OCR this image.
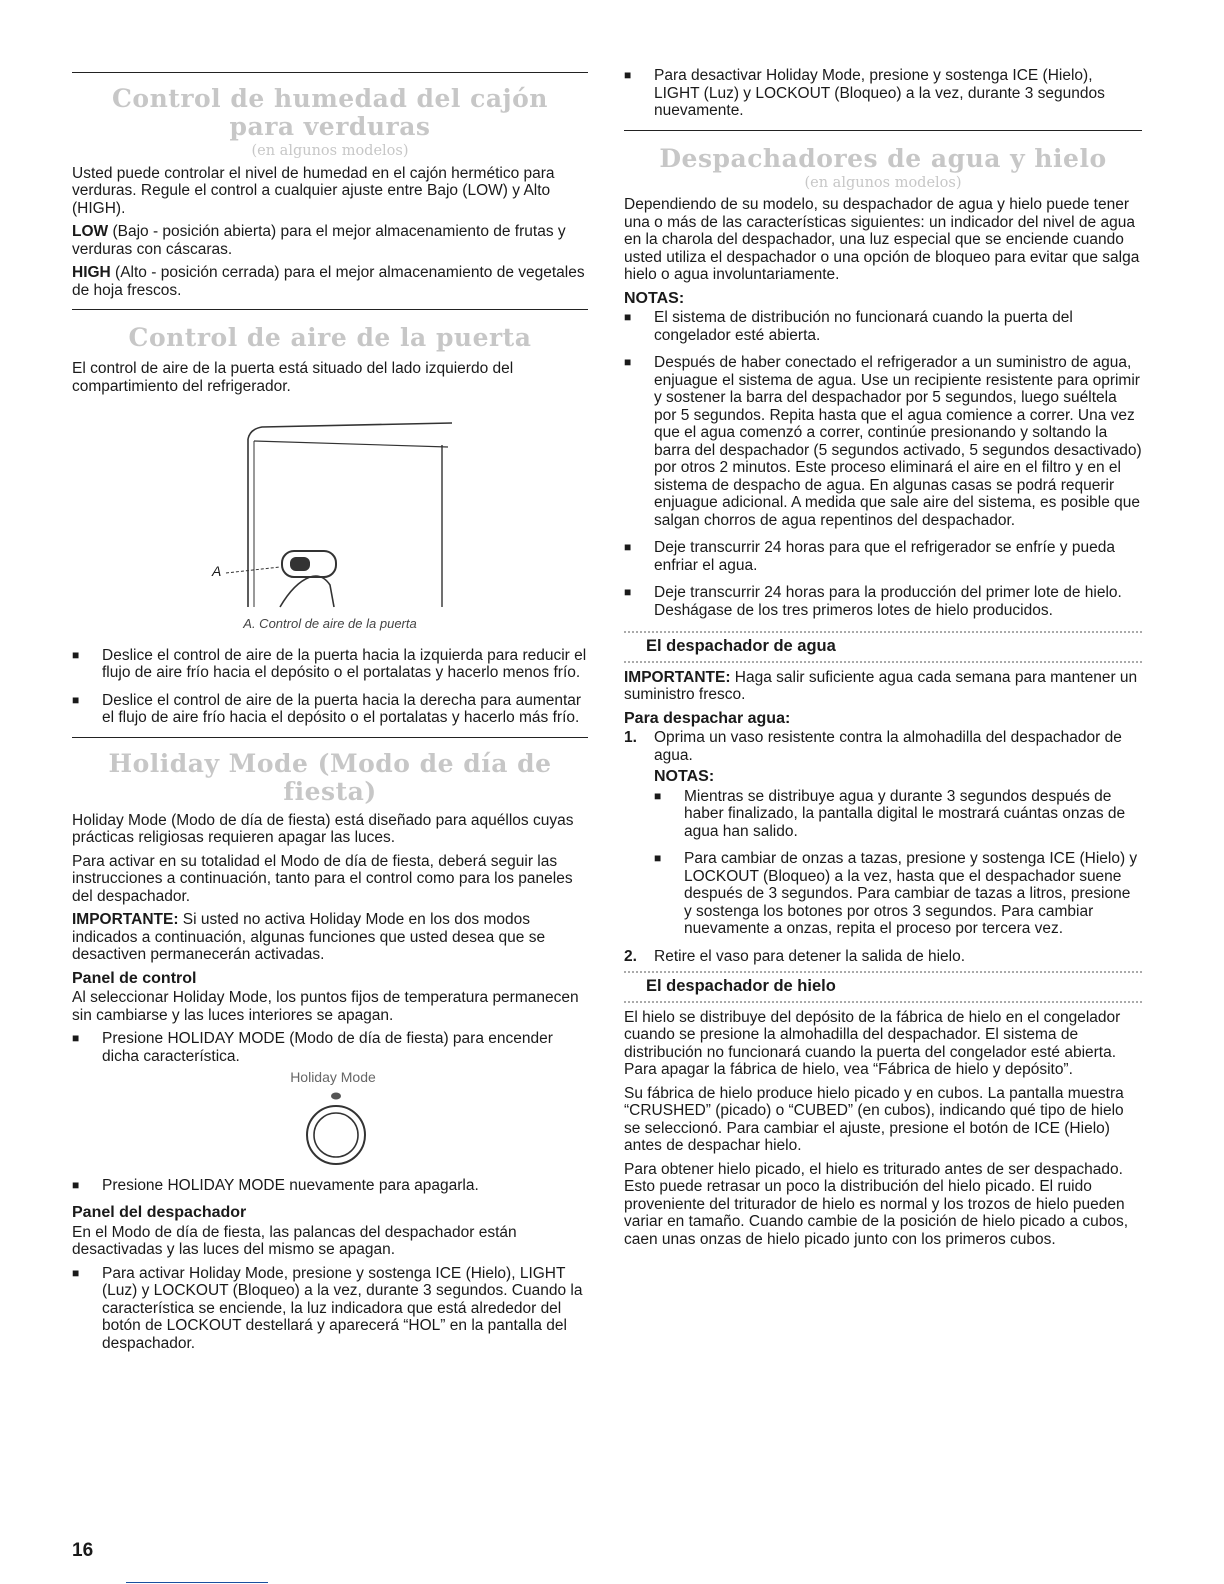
Control de humedad del cajón para verduras
(en algunos modelos)

Usted puede controlar el nivel de humedad en el cajón hermético para verduras. Regule el control a cualquier ajuste entre Bajo (LOW) y Alto (HIGH).

LOW (Bajo - posición abierta) para el mejor almacenamiento de frutas y verduras con cáscaras.

HIGH (Alto - posición cerrada) para el mejor almacenamiento de vegetales de hoja frescos.

Control de aire de la puerta

El control de aire de la puerta está situado del lado izquierdo del compartimiento del refrigerador.

A
A. Control de aire de la puerta
■ Deslice el control de aire de la puerta hacia la izquierda para reducir el flujo de aire frío hacia el depósito o el portalatas y hacerlo menos frío.
■ Deslice el control de aire de la puerta hacia la derecha para aumentar el flujo de aire frío hacia el depósito o el portalatas y hacerlo más frío.
Holiday Mode (Modo de día de fiesta)

Holiday Mode (Modo de día de fiesta) está diseñado para aquéllos cuyas prácticas religiosas requieren apagar las luces.

Para activar en su totalidad el Modo de día de fiesta, deberá seguir las instrucciones a continuación, tanto para el control como para los paneles del despachador.

IMPORTANTE: Si usted no activa Holiday Mode en los dos modos indicados a continuación, algunas funciones que usted desea que se desactiven permanecerán activadas.

Panel de control

Al seleccionar Holiday Mode, los puntos fijos de temperatura permanecen sin cambiarse y las luces interiores se apagan.

■ Presione HOLIDAY MODE (Modo de día de fiesta) para encender dicha característica.
Holiday Mode
■ Presione HOLIDAY MODE nuevamente para apagarla.
Panel del despachador

En el Modo de día de fiesta, las palancas del despachador están desactivadas y las luces del mismo se apagan.

■ Para activar Holiday Mode, presione y sostenga ICE (Hielo), LIGHT (Luz) y LOCKOUT (Bloqueo) a la vez, durante 3 segundos. Cuando la característica se enciende, la luz indicadora que está alrededor del botón de LOCKOUT destellará y aparecerá “HOL” en la pantalla del despachador.
■ Para desactivar Holiday Mode, presione y sostenga ICE (Hielo), LIGHT (Luz) y LOCKOUT (Bloqueo) a la vez, durante 3 segundos nuevamente.
Despachadores de agua y hielo
(en algunos modelos)

Dependiendo de su modelo, su despachador de agua y hielo puede tener una o más de las características siguientes: un indicador del nivel de agua en la charola del despachador, una luz especial que se enciende cuando usted utiliza el despachador o una opción de bloqueo para evitar que salga hielo o agua involuntariamente.

NOTAS:
■ El sistema de distribución no funcionará cuando la puerta del congelador esté abierta.
■ Después de haber conectado el refrigerador a un suministro de agua, enjuague el sistema de agua. Use un recipiente resistente para oprimir y sostener la barra del despachador por 5 segundos, luego suéltela por 5 segundos. Repita hasta que el agua comience a correr. Una vez que el agua comenzó a correr, continúe presionando y soltando la barra del despachador (5 segundos activado, 5 segundos desactivado) por otros 2 minutos. Este proceso eliminará el aire en el filtro y en el sistema de despacho de agua. En algunas casas se podrá requerir enjuague adicional. A medida que sale aire del sistema, es posible que salgan chorros de agua repentinos del despachador.
■ Deje transcurrir 24 horas para que el refrigerador se enfríe y pueda enfriar el agua.
■ Deje transcurrir 24 horas para la producción del primer lote de hielo. Deshágase de los tres primeros lotes de hielo producidos.
El despachador de agua

IMPORTANTE: Haga salir suficiente agua cada semana para mantener un suministro fresco.

Para despachar agua:
1. Oprima un vaso resistente contra la almohadilla del despachador de agua.
NOTAS:
■ Mientras se distribuye agua y durante 3 segundos después de haber finalizado, la pantalla digital le mostrará cuántas onzas de agua han salido.
■ Para cambiar de onzas a tazas, presione y sostenga ICE (Hielo) y LOCKOUT (Bloqueo) a la vez, hasta que el despachador suene después de 3 segundos. Para cambiar de tazas a litros, presione y sostenga los botones por otros 3 segundos. Para cambiar nuevamente a onzas, repita el proceso por tercera vez.
2. Retire el vaso para detener la salida de hielo.
El despachador de hielo

El hielo se distribuye del depósito de la fábrica de hielo en el congelador cuando se presione la almohadilla del despachador. El sistema de distribución no funcionará cuando la puerta del congelador esté abierta. Para apagar la fábrica de hielo, vea “Fábrica de hielo y depósito”.

Su fábrica de hielo produce hielo picado y en cubos. La pantalla muestra “CRUSHED” (picado) o “CUBED” (en cubos), indicando qué tipo de hielo se seleccionó. Para cambiar el ajuste, presione el botón de ICE (Hielo) antes de despachar hielo.

Para obtener hielo picado, el hielo es triturado antes de ser despachado. Esto puede retrasar un poco la distribución del hielo picado. El ruido proveniente del triturador de hielo es normal y los trozos de hielo pueden variar en tamaño. Cuando cambie de la posición de hielo picado a cubos, caen unas onzas de hielo picado junto con los primeros cubos.

16
